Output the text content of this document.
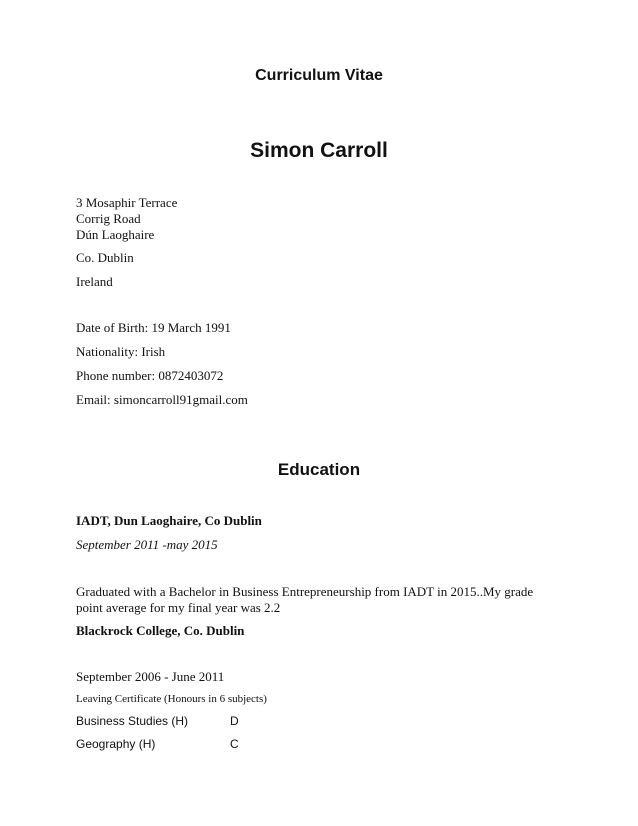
Curriculum Vitae
Simon Carroll
3 Mosaphir Terrace
Corrig Road
Dún Laoghaire
Co. Dublin
Ireland
Date of Birth: 19 March 1991
Nationality: Irish
Phone number: 0872403072
Email: simoncarroll91gmail.com
Education
IADT, Dun Laoghaire, Co Dublin
September 2011 -may 2015
Graduated with a Bachelor in Business Entrepreneurship from IADT in 2015..My grade point average for my final year was 2.2
Blackrock College, Co. Dublin
September 2006 - June 2011
Leaving Certificate (Honours in 6 subjects)
Business Studies (H)	D
Geography (H)	C
